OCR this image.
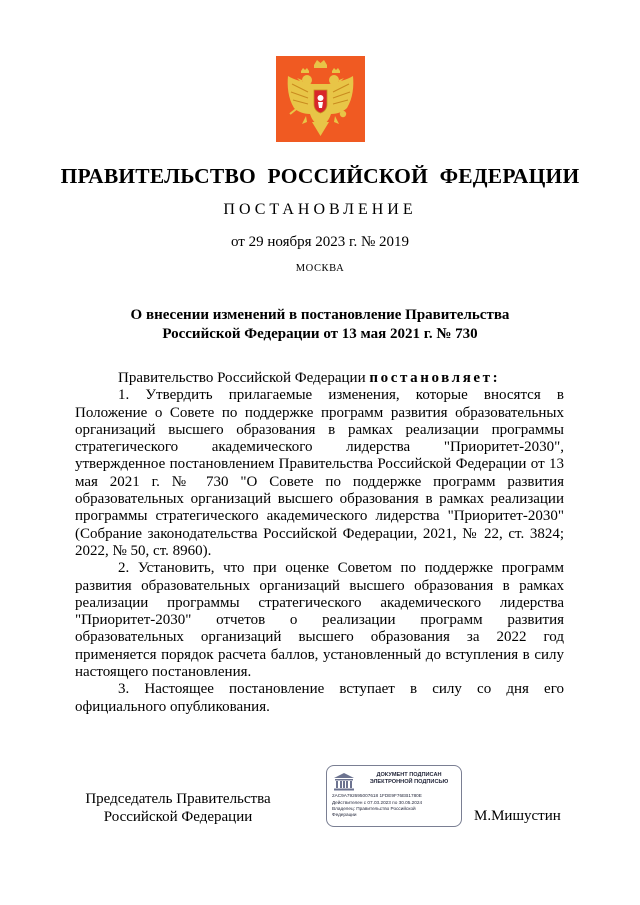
ПРАВИТЕЛЬСТВО РОССИЙСКОЙ ФЕДЕРАЦИИ
ПОСТАНОВЛЕНИЕ
от 29 ноября 2023 г. № 2019
МОСКВА
О внесении изменений в постановление Правительства
Российской Федерации от 13 мая 2021 г. № 730

Правительство Российской Федерации постановляет:

1. Утвердить прилагаемые изменения, которые вносятся в Положение о Совете по поддержке программ развития образовательных организаций высшего образования в рамках реализации программы стратегического академического лидерства "Приоритет-2030", утвержденное постановлением Правительства Российской Федерации от 13 мая 2021 г. № 730 "О Совете по поддержке программ развития образовательных организаций высшего образования в рамках реализации программы стратегического академического лидерства "Приоритет-2030" (Собрание законодательства Российской Федерации, 2021, № 22, ст. 3824; 2022, № 50, ст. 8960).

2. Установить, что при оценке Советом по поддержке программ развития образовательных организаций высшего образования в рамках реализации программы стратегического академического лидерства "Приоритет-2030" отчетов о реализации программ развития образовательных организаций высшего образования за 2022 год применяется порядок расчета баллов, установленный до вступления в силу настоящего постановления.

3. Настоящее постановление вступает в силу со дня его официального опубликования.

Председатель Правительства
Российской Федерации
ДОКУМЕНТ ПОДПИСАН
ЭЛЕКТРОННОЙ ПОДПИСЬЮ
2AC9A792695007618 1FDE9F76EB1780E
Действителен с 07.03.2023 по 30.05.2024
Владелец: Правительство Российской
Федерации	М.Мишустин
